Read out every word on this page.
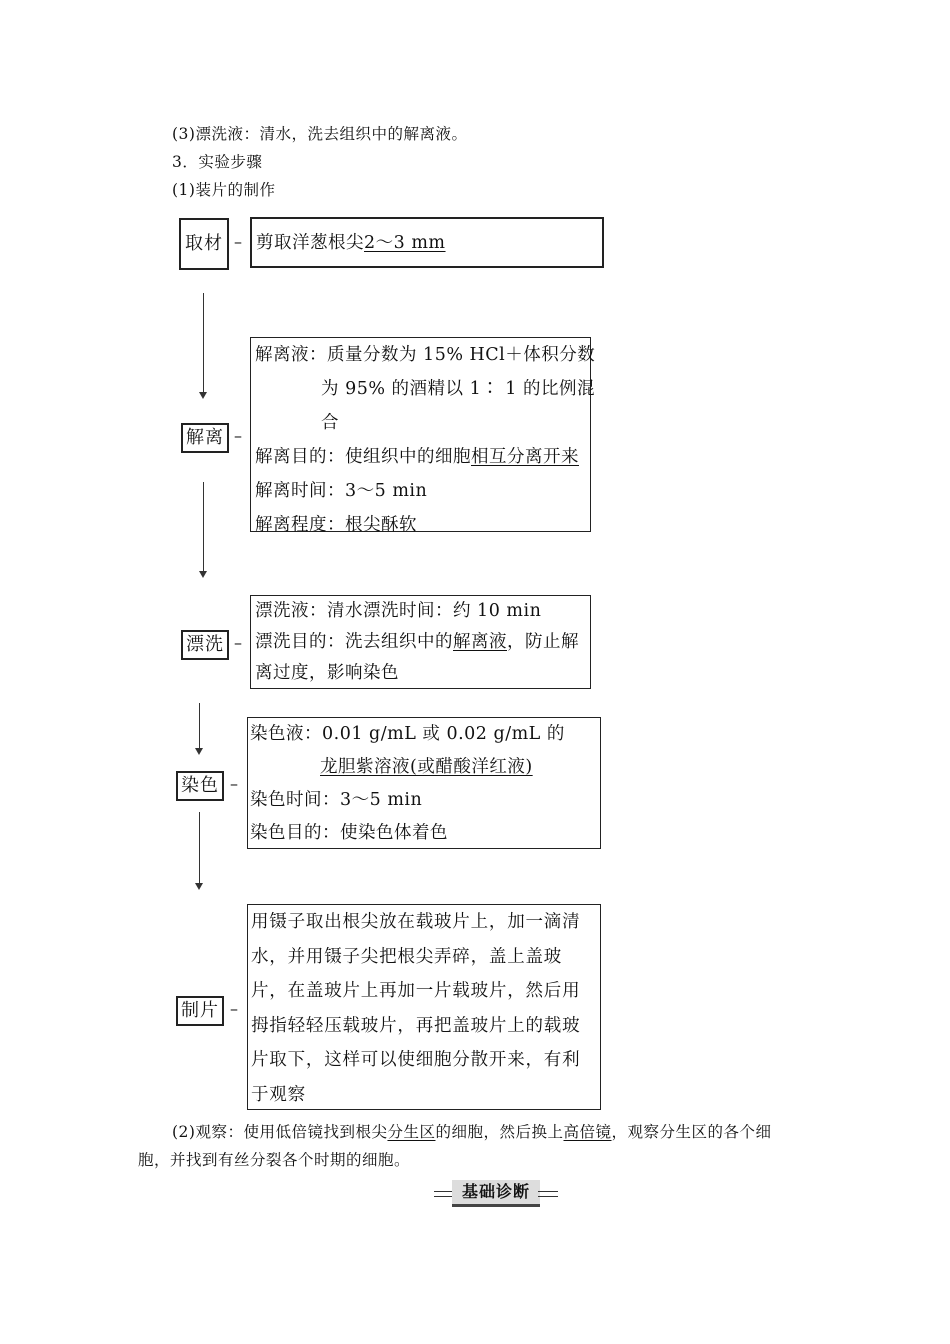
(3)漂洗液：清水，洗去组织中的解离液。
3．实验步骤
(1)装片的制作
取材 – 剪取洋葱根尖2～3 mm
解离 –
解离液：质量分数为 15% HCl＋体积分数
为 95% 的酒精以 1∶ 1 的比例混
合
解离目的：使组织中的细胞相互分离开来
解离时间：3～5 min
解离程度：根尖酥软
漂洗 –
漂洗液：清水漂洗时间：约 10 min
漂洗目的：洗去组织中的解离液，防止解
离过度，影响染色
染色 –
染色液：0.01 g/mL 或 0.02 g/mL 的
龙胆紫溶液(或醋酸洋红液)
染色时间：3～5 min
染色目的：使染色体着色
制片 –
用镊子取出根尖放在载玻片上，加一滴清水，并用镊子尖把根尖弄碎，盖上盖玻片，在盖玻片上再加一片载玻片，然后用拇指轻轻压载玻片，再把盖玻片上的载玻片取下，这样可以使细胞分散开来，有利于观察
(2)观察：使用低倍镜找到根尖分生区的细胞，然后换上高倍镜，观察分生区的各个细
胞，并找到有丝分裂各个时期的细胞。
基础诊断
